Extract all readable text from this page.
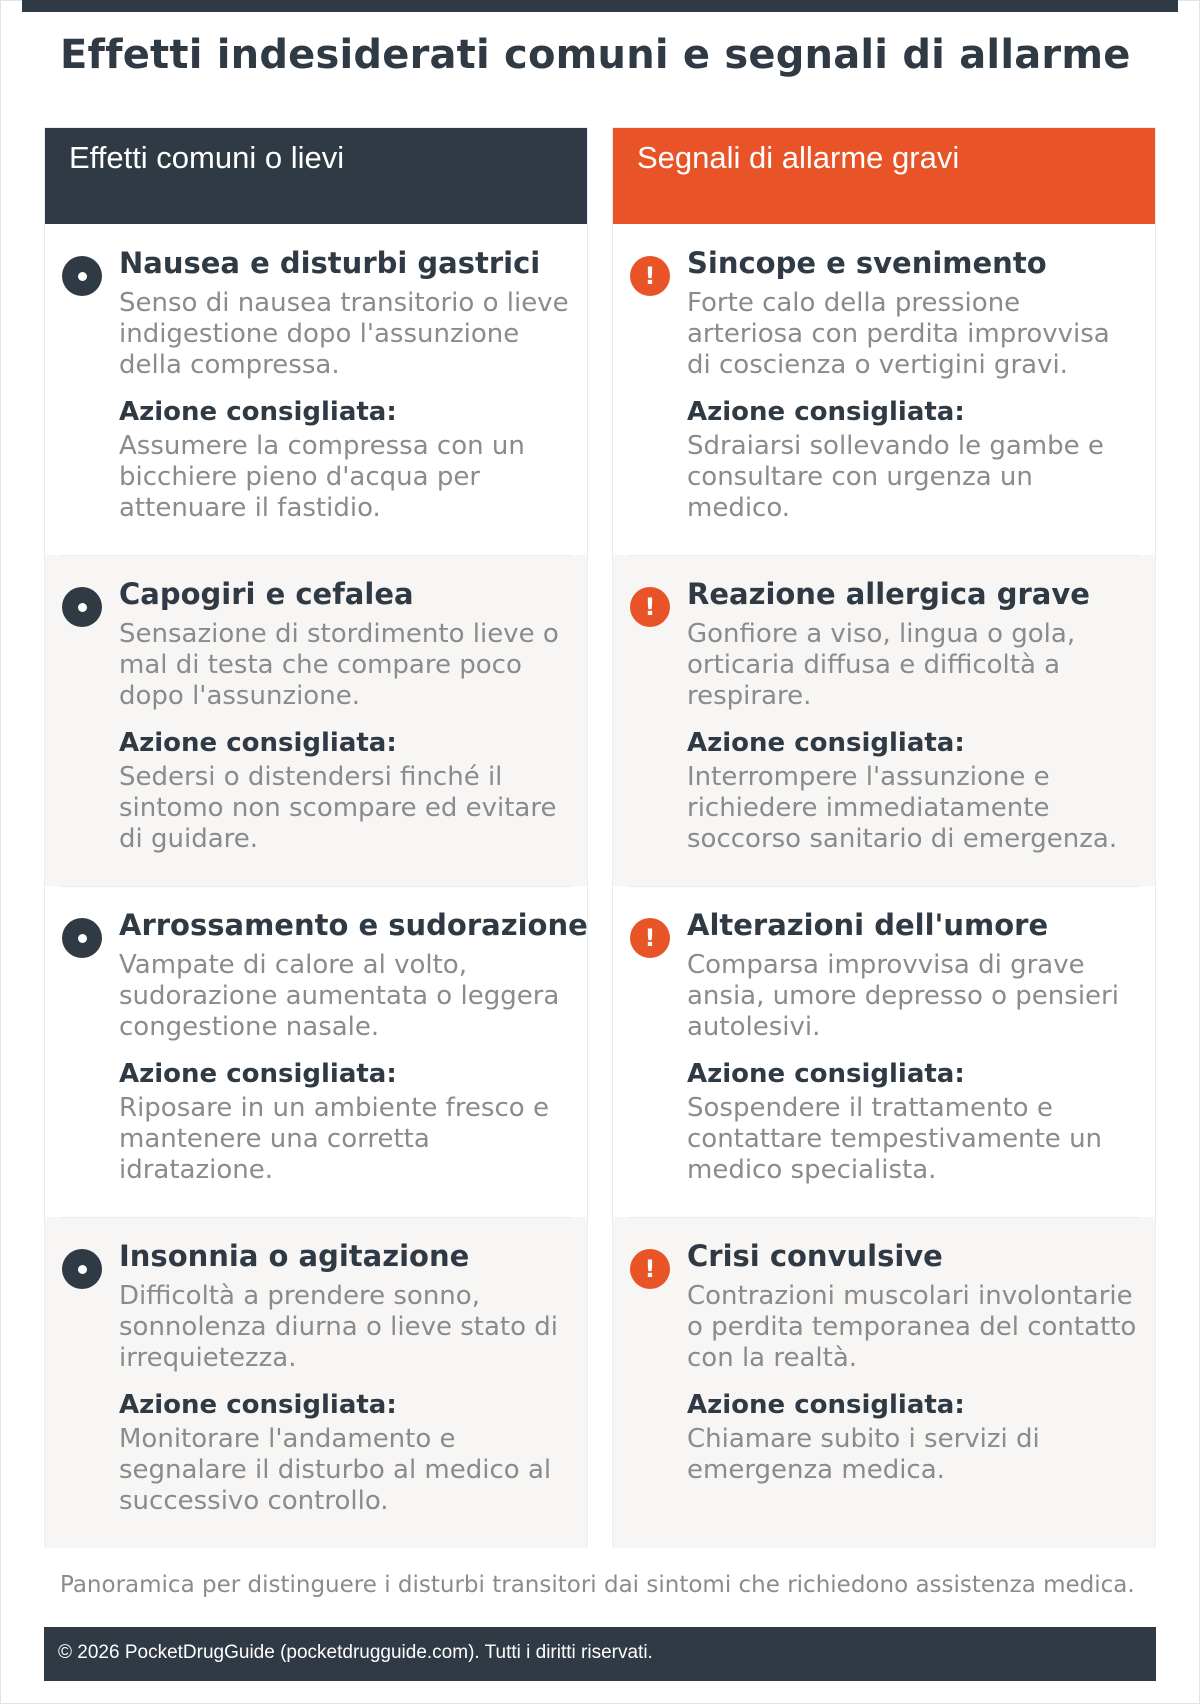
Effetti indesiderati comuni e segnali di allarme
Effetti comuni o lievi
Nausea e disturbi gastrici
Senso di nausea transitorio o lieve indigestione dopo l'assunzione della compressa.
Azione consigliata:
Assumere la compressa con un bicchiere pieno d'acqua per attenuare il fastidio.
Capogiri e cefalea
Sensazione di stordimento lieve o mal di testa che compare poco dopo l'assunzione.
Azione consigliata:
Sedersi o distendersi finché il sintomo non scompare ed evitare di guidare.
Arrossamento e sudorazione
Vampate di calore al volto, sudorazione aumentata o leggera congestione nasale.
Azione consigliata:
Riposare in un ambiente fresco e mantenere una corretta idratazione.
Insonnia o agitazione
Difficoltà a prendere sonno, sonnolenza diurna o lieve stato di irrequietezza.
Azione consigliata:
Monitorare l'andamento e segnalare il disturbo al medico al successivo controllo.
Segnali di allarme gravi
!	Sincope e svenimento
Forte calo della pressione arteriosa con perdita improvvisa di coscienza o vertigini gravi.
Azione consigliata:
Sdraiarsi sollevando le gambe e consultare con urgenza un medico.
!	Reazione allergica grave
Gonfiore a viso, lingua o gola, orticaria diffusa e difficoltà a respirare.
Azione consigliata:
Interrompere l'assunzione e richiedere immediatamente soccorso sanitario di emergenza.
!	Alterazioni dell'umore
Comparsa improvvisa di grave ansia, umore depresso o pensieri autolesivi.
Azione consigliata:
Sospendere il trattamento e contattare tempestivamente un medico specialista.
!	Crisi convulsive
Contrazioni muscolari involontarie o perdita temporanea del contatto con la realtà.
Azione consigliata:
Chiamare subito i servizi di emergenza medica.

Panoramica per distinguere i disturbi transitori dai sintomi che richiedono assistenza medica.

© 2026 PocketDrugGuide (pocketdrugguide.com). Tutti i diritti riservati.
